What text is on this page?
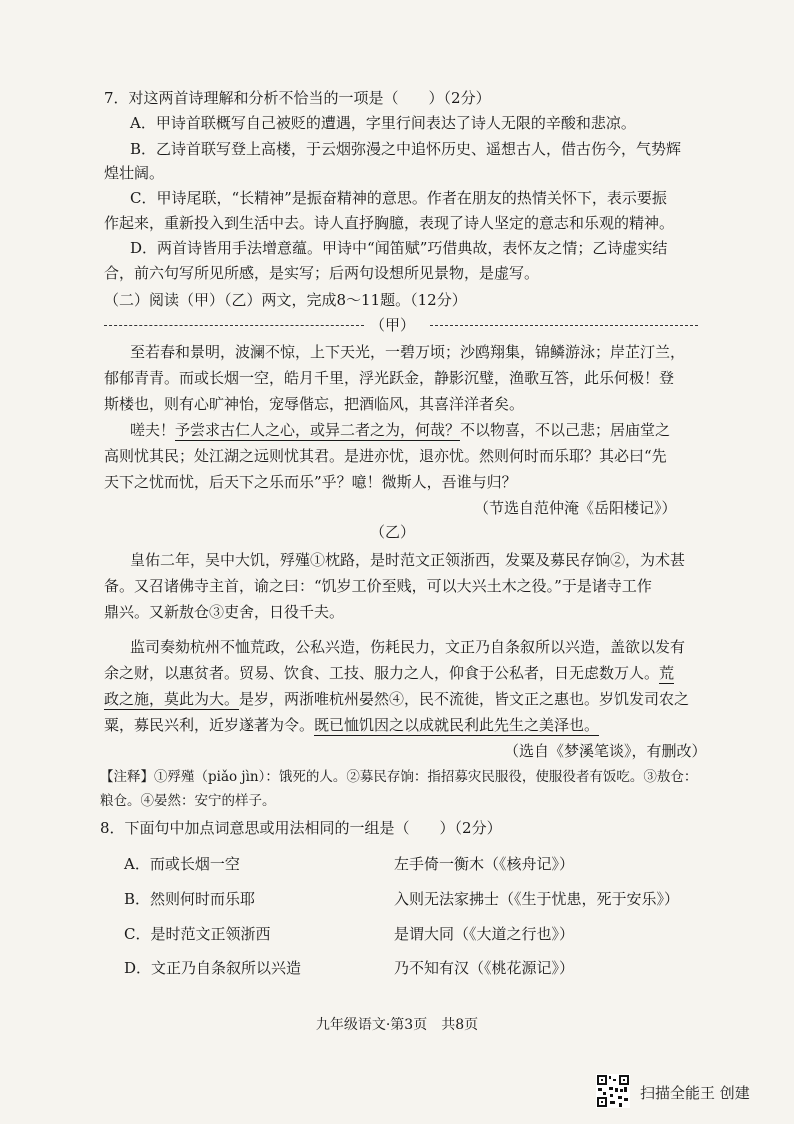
7．对这两首诗理解和分析不恰当的一项是（　　）（2分）
A．甲诗首联概写自己被贬的遭遇，字里行间表达了诗人无限的辛酸和悲凉。
B．乙诗首联写登上高楼，于云烟弥漫之中追怀历史、遥想古人，借古伤今，气势辉
煌壮阔。
C．甲诗尾联，“长精神”是振奋精神的意思。作者在朋友的热情关怀下，表示要振
作起来，重新投入到生活中去。诗人直抒胸臆，表现了诗人坚定的意志和乐观的精神。
D．两首诗皆用手法增意蕴。甲诗中“闻笛赋”巧借典故，表怀友之情；乙诗虚实结
合，前六句写所见所感，是实写；后两句设想所见景物，是虚写。
（二）阅读（甲）（乙）两文，完成8～11题。（12分）
（甲）
至若春和景明，波澜不惊，上下天光，一碧万顷；沙鸥翔集，锦鳞游泳；岸芷汀兰，
郁郁青青。而或长烟一空，皓月千里，浮光跃金，静影沉璧，渔歌互答，此乐何极！登
斯楼也，则有心旷神怡，宠辱偕忘，把酒临风，其喜洋洋者矣。
嗟夫！予尝求古仁人之心，或异二者之为，何哉？不以物喜，不以己悲；居庙堂之
高则忧其民；处江湖之远则忧其君。是进亦忧，退亦忧。然则何时而乐耶？其必曰“先
天下之忧而忧，后天下之乐而乐”乎？噫！微斯人，吾谁与归？
（节选自范仲淹《岳阳楼记》）
（乙）
皇佑二年，吴中大饥，殍殣①枕路，是时范文正领浙西，发粟及募民存饷②，为术甚
备。又召诸佛寺主首，谕之曰：“饥岁工价至贱，可以大兴土木之役。”于是诸寺工作
鼎兴。又新敖仓③吏舍，日役千夫。
监司奏劾杭州不恤荒政，公私兴造，伤耗民力，文正乃自条叙所以兴造，盖欲以发有
余之财，以惠贫者。贸易、饮食、工技、服力之人，仰食于公私者，日无虑数万人。荒
政之施，莫此为大。是岁，两浙唯杭州晏然④，民不流徙，皆文正之惠也。岁饥发司农之
粟，募民兴利，近岁遂著为令。既已恤饥因之以成就民利此先生之美泽也。
（选自《梦溪笔谈》，有删改）
【注释】①殍殣（piǎo jìn）：饿死的人。②募民存饷：指招募灾民服役，使服役者有饭吃。③敖仓：
粮仓。④晏然：安宁的样子。
8．下面句中加点词意思或用法相同的一组是（　　）（2分）
A．而或长烟一空	左手倚一衡木（《核舟记》）
B．然则何时而乐耶	入则无法家拂士（《生于忧患，死于安乐》）
C．是时范文正领浙西	是谓大同（《大道之行也》）
D．文正乃自条叙所以兴造	乃不知有汉（《桃花源记》）
九年级语文·第3页　共8页
扫描全能王 创建
